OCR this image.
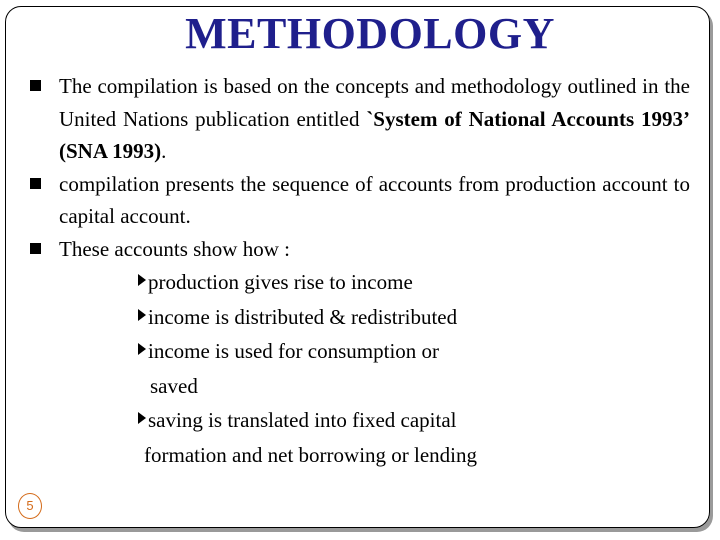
METHODOLOGY
The compilation is based on the concepts and methodology outlined in the United Nations publication entitled `System of National Accounts 1993’ (SNA 1993).
compilation presents the sequence of accounts from production account to capital account.
These accounts show how :
production gives rise to income
income is distributed & redistributed
income is used for consumption or
saved
saving is translated into fixed capital
formation and net borrowing or lending
5
